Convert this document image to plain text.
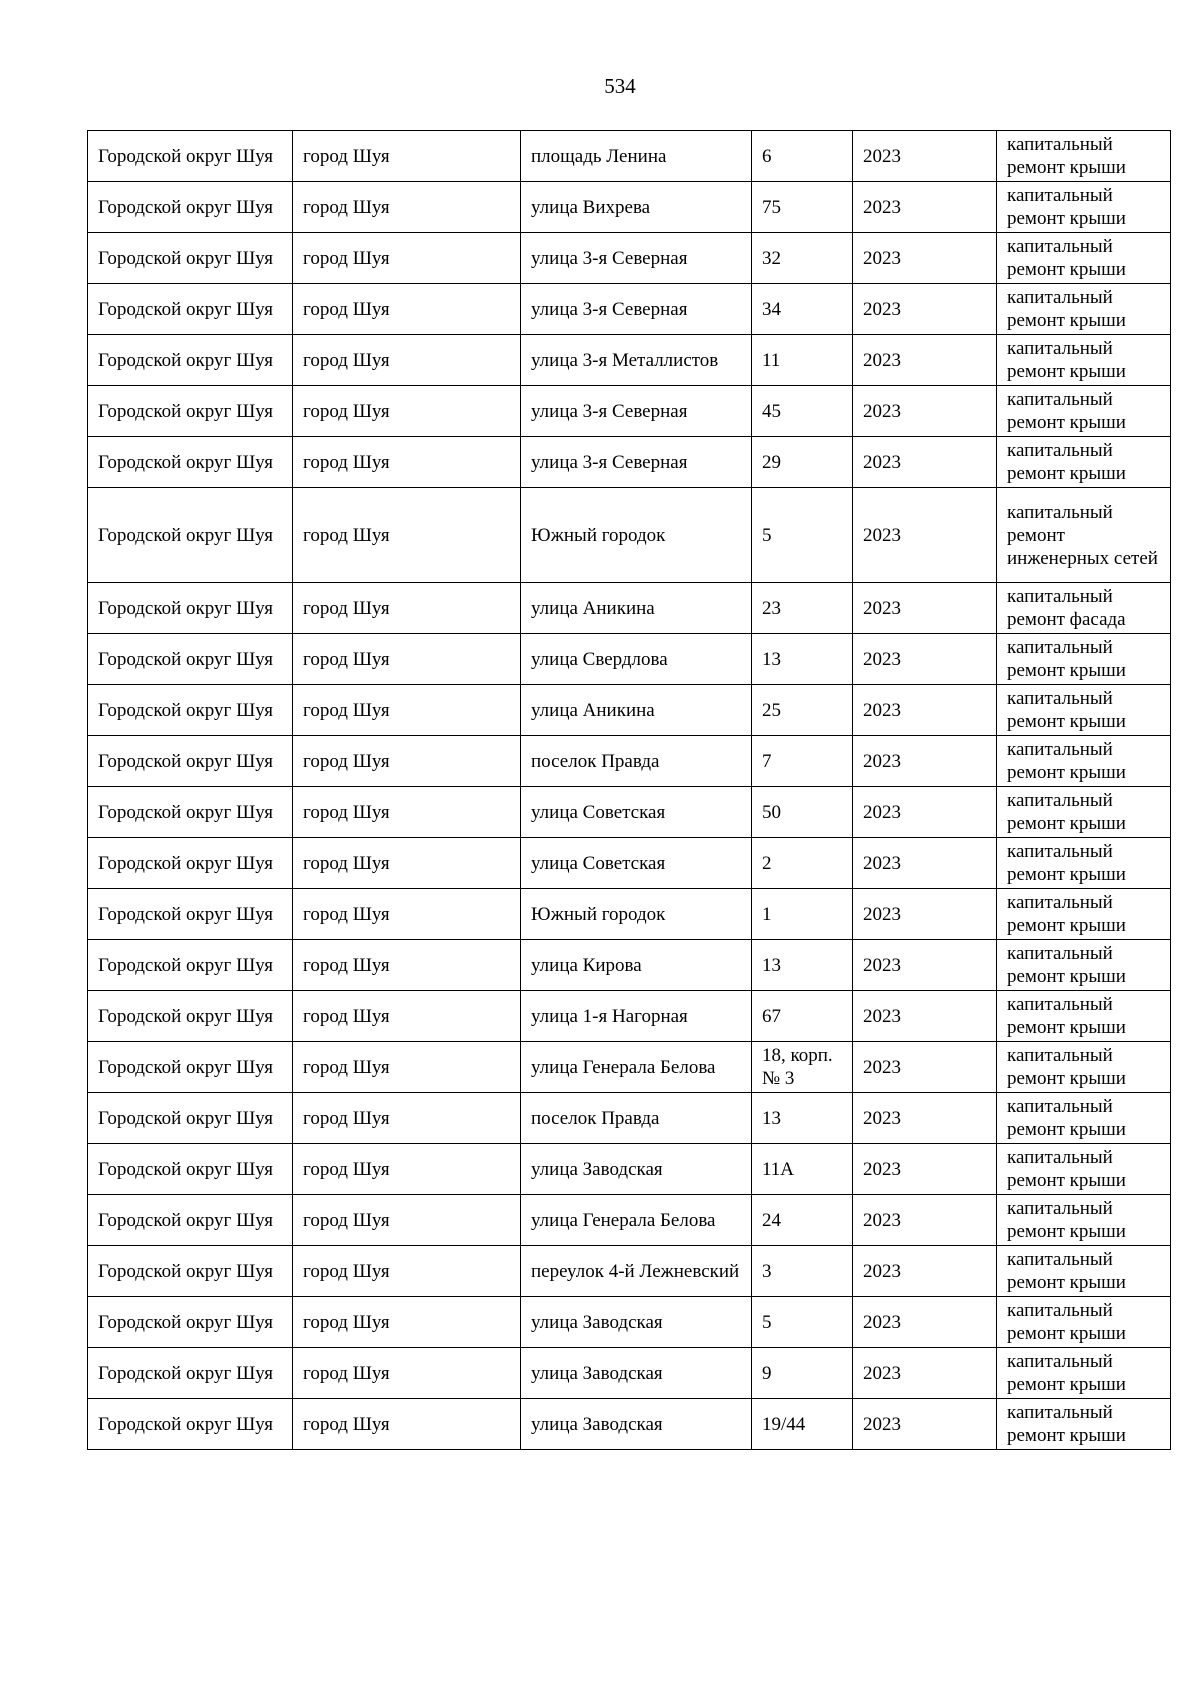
534
Городской округ Шуя	город Шуя	площадь Ленина	6	2023	капитальный ремонт крыши
Городской округ Шуя	город Шуя	улица Вихрева	75	2023	капитальный ремонт крыши
Городской округ Шуя	город Шуя	улица 3-я Северная	32	2023	капитальный ремонт крыши
Городской округ Шуя	город Шуя	улица 3-я Северная	34	2023	капитальный ремонт крыши
Городской округ Шуя	город Шуя	улица 3-я Металлистов	11	2023	капитальный ремонт крыши
Городской округ Шуя	город Шуя	улица 3-я Северная	45	2023	капитальный ремонт крыши
Городской округ Шуя	город Шуя	улица 3-я Северная	29	2023	капитальный ремонт крыши
Городской округ Шуя	город Шуя	Южный городок	5	2023	капитальный ремонт инженерных сетей
Городской округ Шуя	город Шуя	улица Аникина	23	2023	капитальный ремонт фасада
Городской округ Шуя	город Шуя	улица Свердлова	13	2023	капитальный ремонт крыши
Городской округ Шуя	город Шуя	улица Аникина	25	2023	капитальный ремонт крыши
Городской округ Шуя	город Шуя	поселок Правда	7	2023	капитальный ремонт крыши
Городской округ Шуя	город Шуя	улица Советская	50	2023	капитальный ремонт крыши
Городской округ Шуя	город Шуя	улица Советская	2	2023	капитальный ремонт крыши
Городской округ Шуя	город Шуя	Южный городок	1	2023	капитальный ремонт крыши
Городской округ Шуя	город Шуя	улица Кирова	13	2023	капитальный ремонт крыши
Городской округ Шуя	город Шуя	улица 1-я Нагорная	67	2023	капитальный ремонт крыши
Городской округ Шуя	город Шуя	улица Генерала Белова	18, корп. № 3	2023	капитальный ремонт крыши
Городской округ Шуя	город Шуя	поселок Правда	13	2023	капитальный ремонт крыши
Городской округ Шуя	город Шуя	улица Заводская	11А	2023	капитальный ремонт крыши
Городской округ Шуя	город Шуя	улица Генерала Белова	24	2023	капитальный ремонт крыши
Городской округ Шуя	город Шуя	переулок 4-й Лежневский	3	2023	капитальный ремонт крыши
Городской округ Шуя	город Шуя	улица Заводская	5	2023	капитальный ремонт крыши
Городской округ Шуя	город Шуя	улица Заводская	9	2023	капитальный ремонт крыши
Городской округ Шуя	город Шуя	улица Заводская	19/44	2023	капитальный ремонт крыши
